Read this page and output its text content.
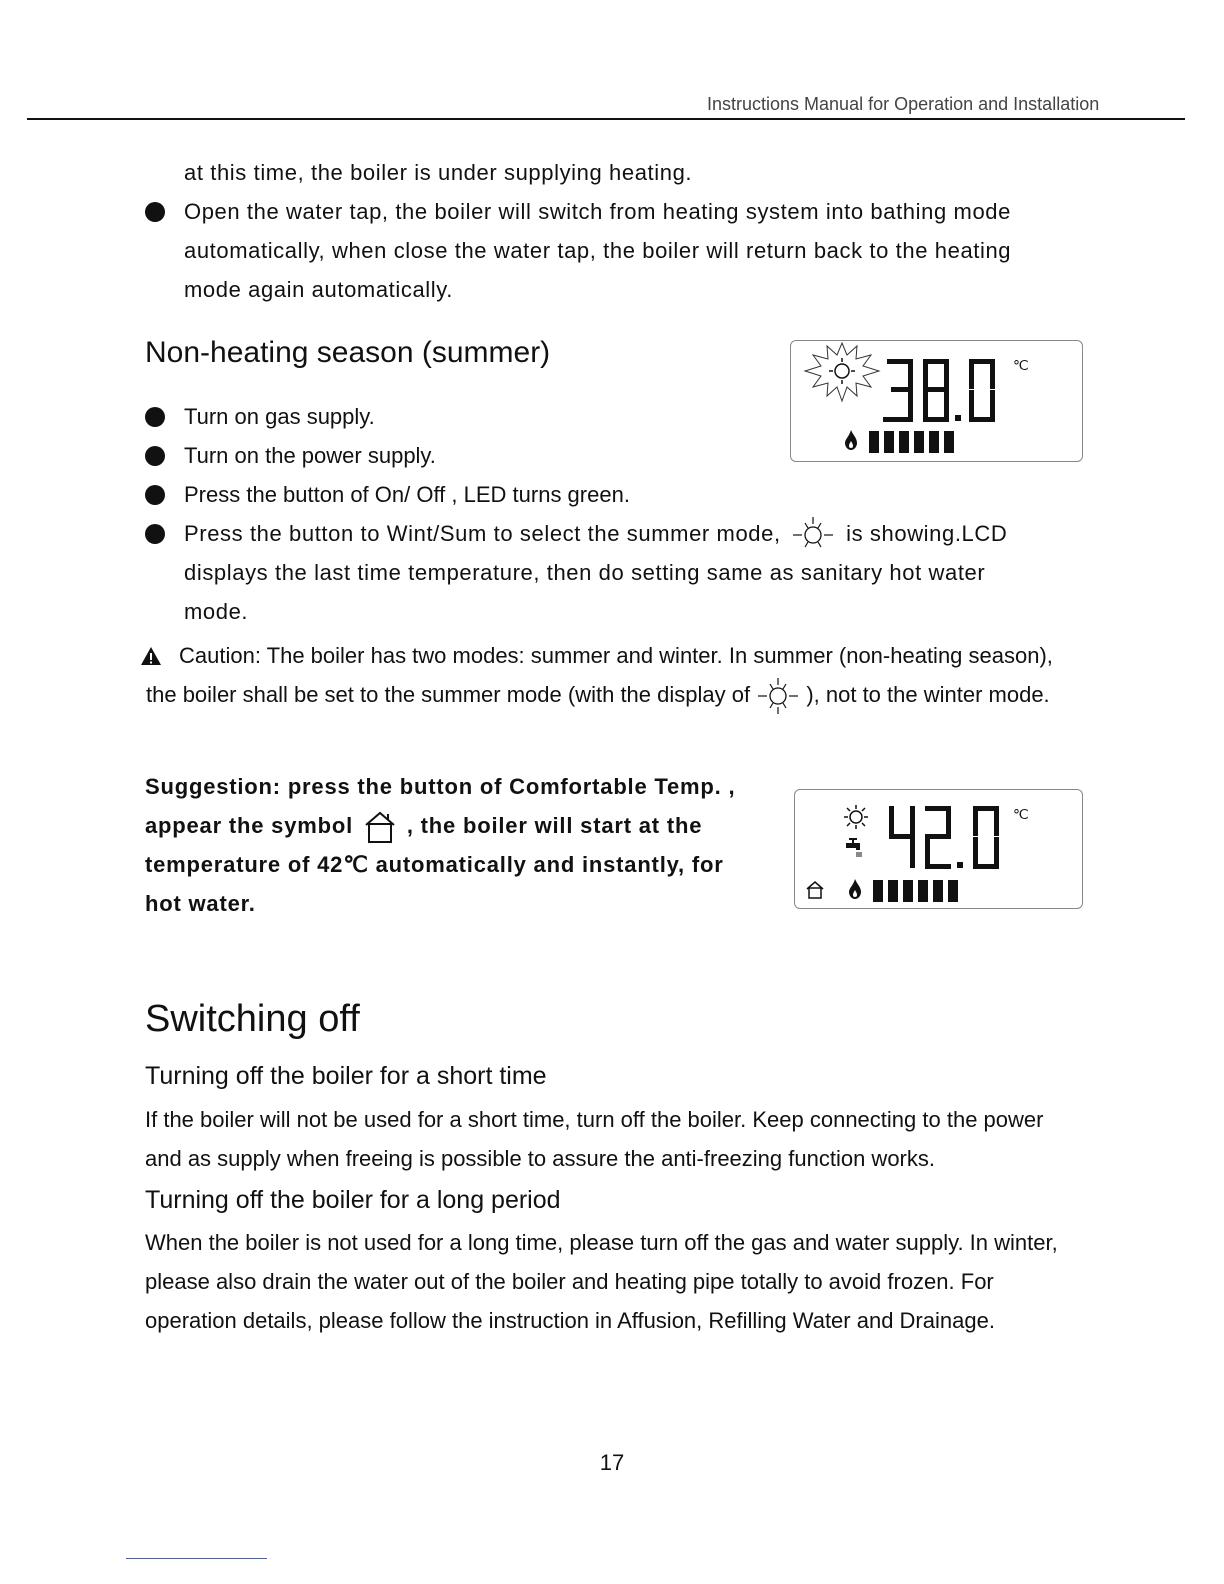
Instructions Manual for Operation and Installation
at this time, the boiler is under supplying heating.
Open the water tap, the boiler will switch from heating system into bathing mode
automatically, when close the water tap, the boiler will return back to the heating
mode again automatically.
Non-heating season (summer)
Turn on gas supply.
Turn on the power supply.
Press the button of On/ Off , LED turns green.
Press the button to Wint/Sum to select the summer mode,	is showing.LCD
displays the last time temperature, then do setting same as sanitary hot water
mode.
Caution: The boiler has two modes: summer and winter. In summer (non-heating season),
the boiler shall be set to the summer mode (with the display of	), not to the winter mode.
℃
Suggestion: press the button of Comfortable Temp. ,
appear the symbol , the boiler will start at the
temperature of 42℃ automatically and instantly, for
hot water.
℃
Switching off
Turning off the boiler for a short time
If the boiler will not be used for a short time, turn off the boiler. Keep connecting to the power
and as supply when freeing is possible to assure the anti-freezing function works.
Turning off the boiler for a long period
When the boiler is not used for a long time, please turn off the gas and water supply. In winter,
please also drain the water out of the boiler and heating pipe totally to avoid frozen. For
operation details, please follow the instruction in Affusion, Refilling Water and Drainage.
17
